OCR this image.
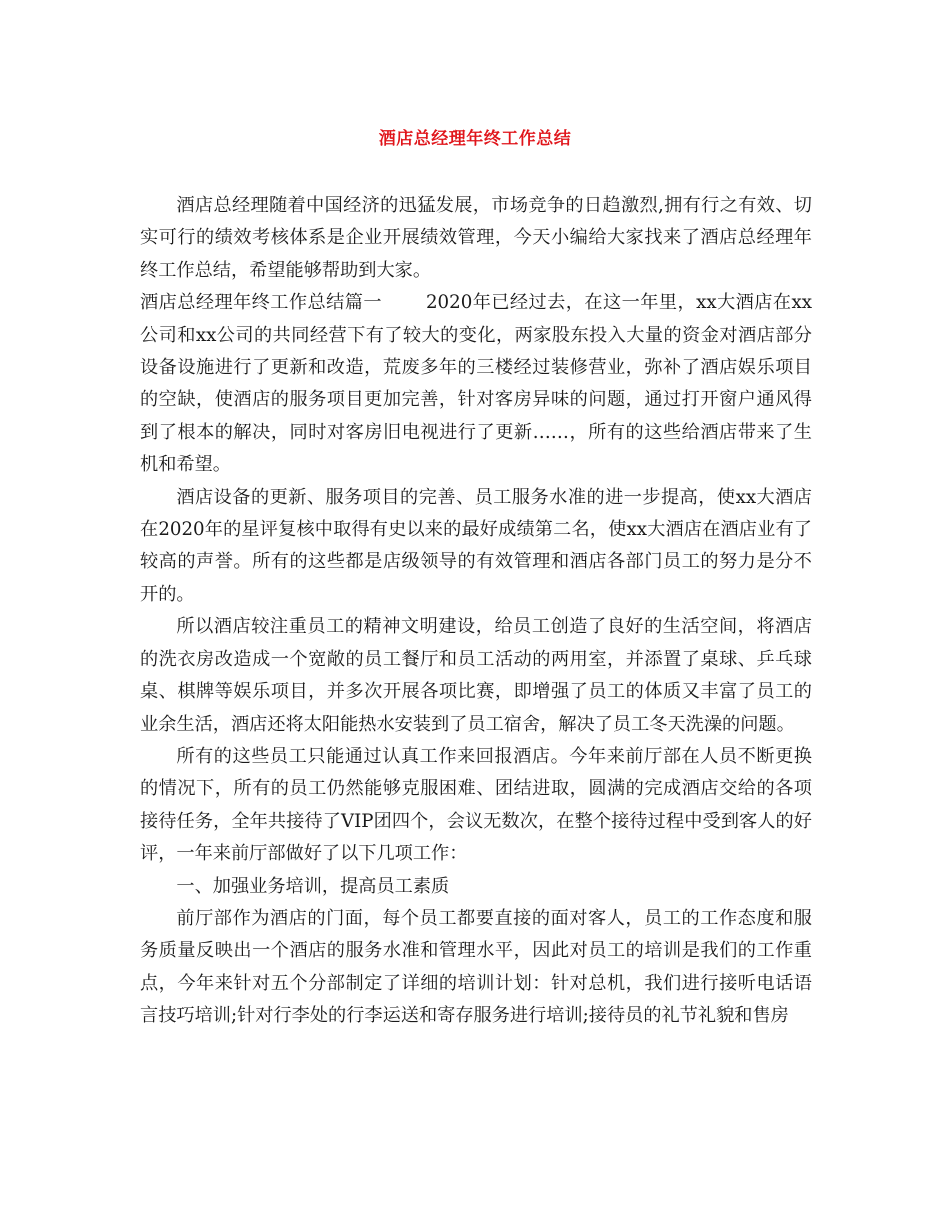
酒店总经理年终工作总结

酒店总经理随着中国经济的迅猛发展，市场竞争的日趋激烈,拥有行之有效、切实可行的绩效考核体系是企业开展绩效管理，今天小编给大家找来了酒店总经理年终工作总结，希望能够帮助到大家。

酒店总经理年终工作总结篇一 2020年已经过去，在这一年里，xx大酒店在xx公司和xx公司的共同经营下有了较大的变化，两家股东投入大量的资金对酒店部分设备设施进行了更新和改造，荒废多年的三楼经过装修营业，弥补了酒店娱乐项目的空缺，使酒店的服务项目更加完善，针对客房异味的问题，通过打开窗户通风得到了根本的解决，同时对客房旧电视进行了更新……，所有的这些给酒店带来了生机和希望。

酒店设备的更新、服务项目的完善、员工服务水准的进一步提高，使xx大酒店在2020年的星评复核中取得有史以来的最好成绩第二名，使xx大酒店在酒店业有了较高的声誉。所有的这些都是店级领导的有效管理和酒店各部门员工的努力是分不开的。

所以酒店较注重员工的精神文明建设，给员工创造了良好的生活空间，将酒店的洗衣房改造成一个宽敞的员工餐厅和员工活动的两用室，并添置了桌球、乒乓球桌、棋牌等娱乐项目，并多次开展各项比赛，即增强了员工的体质又丰富了员工的业余生活，酒店还将太阳能热水安装到了员工宿舍，解决了员工冬天洗澡的问题。

所有的这些员工只能通过认真工作来回报酒店。今年来前厅部在人员不断更换的情况下，所有的员工仍然能够克服困难、团结进取，圆满的完成酒店交给的各项接待任务，全年共接待了VIP团四个，会议无数次，在整个接待过程中受到客人的好评，一年来前厅部做好了以下几项工作：

一、加强业务培训，提高员工素质

前厅部作为酒店的门面，每个员工都要直接的面对客人，员工的工作态度和服务质量反映出一个酒店的服务水准和管理水平，因此对员工的培训是我们的工作重点，今年来针对五个分部制定了详细的培训计划：针对总机，我们进行接听电话语言技巧培训;针对行李处的行李运送和寄存服务进行培训;接待员的礼节礼貌和售房
